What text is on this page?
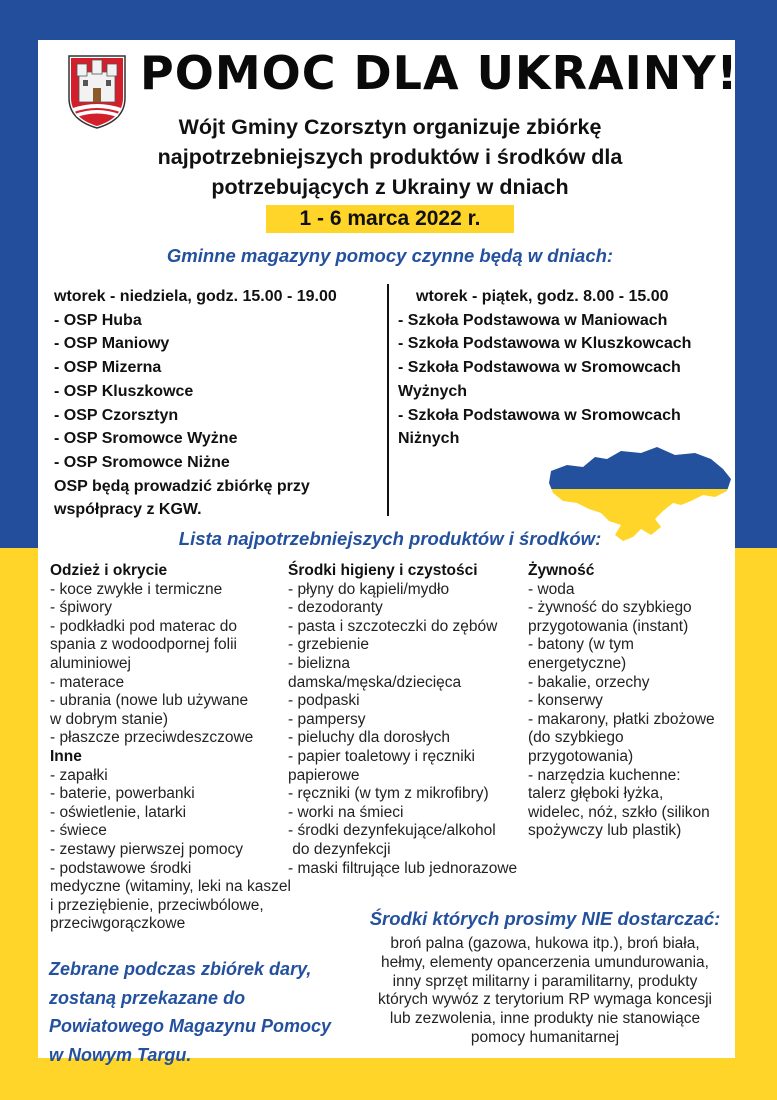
POMOC DLA UKRAINY!
Wójt Gminy Czorsztyn organizuje zbiórkę
najpotrzebniejszych produktów i środków dla
potrzebujących z Ukrainy w dniach
1 - 6 marca 2022 r.
Gminne magazyny pomocy czynne będą w dniach:
wtorek - niedziela, godz. 15.00 - 19.00
- OSP Huba
- OSP Maniowy
- OSP Mizerna
- OSP Kluszkowce
- OSP Czorsztyn
- OSP Sromowce Wyżne
- OSP Sromowce Niżne
OSP będą prowadzić zbiórkę przy
współpracy z KGW.
wtorek - piątek, godz. 8.00 - 15.00
- Szkoła Podstawowa w Maniowach
- Szkoła Podstawowa w Kluszkowcach
- Szkoła Podstawowa w Sromowcach
Wyżnych
- Szkoła Podstawowa w Sromowcach
Niżnych
Lista najpotrzebniejszych produktów i środków:
Odzież i okrycie
- koce zwykłe i termiczne
- śpiwory
- podkładki pod materac do
spania z wodoodpornej folii
aluminiowej
- materace
- ubrania (nowe lub używane
w dobrym stanie)
- płaszcze przeciwdeszczowe
Inne
- zapałki
- baterie, powerbanki
- oświetlenie, latarki
- świece
- zestawy pierwszej pomocy
- podstawowe środki
medyczne (witaminy, leki na kaszel
i przeziębienie, przeciwbólowe,
przeciwgorączkowe
Środki higieny i czystości
- płyny do kąpieli/mydło
- dezodoranty
- pasta i szczoteczki do zębów
- grzebienie
- bielizna
damska/męska/dziecięca
- podpaski
- pampersy
- pieluchy dla dorosłych
- papier toaletowy i ręczniki
papierowe
- ręczniki (w tym z mikrofibry)
- worki na śmieci
- środki dezynfekujące/alkohol
do dezynfekcji
- maski filtrujące lub jednorazowe
Żywność
- woda
- żywność do szybkiego
przygotowania (instant)
- batony (w tym
energetyczne)
- bakalie, orzechy
- konserwy
- makarony, płatki zbożowe
(do szybkiego
przygotowania)
- narzędzia kuchenne:
talerz głęboki łyżka,
widelec, nóż, szkło (silikon
spożywczy lub plastik)
Zebrane podczas zbiórek dary,
zostaną przekazane do
Powiatowego Magazynu Pomocy
w Nowym Targu.
Środki których prosimy NIE dostarczać:
broń palna (gazowa, hukowa itp.), broń biała,
hełmy, elementy opancerzenia umundurowania,
inny sprzęt militarny i paramilitarny, produkty
których wywóz z terytorium RP wymaga koncesji
lub zezwolenia, inne produkty nie stanowiące
pomocy humanitarnej
